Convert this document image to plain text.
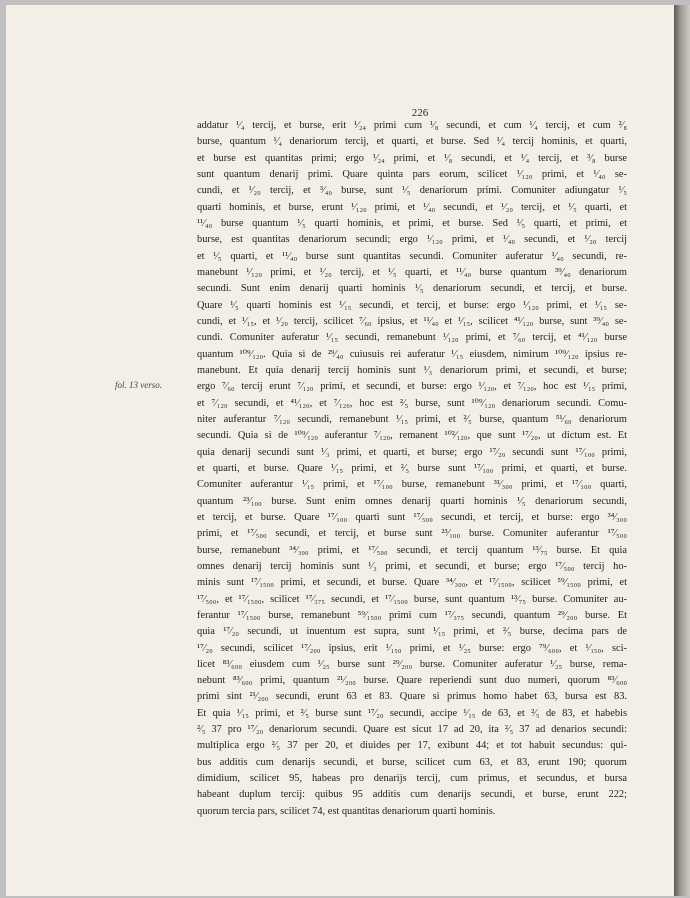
226
fol. 13 verso.
addatur ¹⁄₄ tercij, et burse, erit ¹⁄₂₄ primi cum ¹⁄₈ secundi, et cum ¹⁄₄ tercij, et cum ²⁄₈
burse, quantum ¹⁄₄ denariorum tercij, et quarti, et burse. Sed ¹⁄₄ tercij hominis, et quarti,
et burse est quantitas primi; ergo ¹⁄₂₄ primi, et ¹⁄₈ secundi, et ¹⁄₄ tercij, et ³⁄₈ burse
sunt quantum denarij primi. Quare quinta pars eorum, scilicet ¹⁄₁₂₀ primi, et ¹⁄₄₀ se-
cundi, et ¹⁄₂₀ tercij, et ³⁄₄₀ burse, sunt ¹⁄₅ denariorum primi. Comuniter adiungatur ¹⁄₅
quarti hominis, et burse, erunt ¹⁄₁₂₀ primi, et ¹⁄₄₀ secundi, et ¹⁄₂₀ tercij, et ¹⁄₅ quarti, et
¹¹⁄₄₀ burse quantum ¹⁄₅ quarti hominis, et primi, et burse. Sed ¹⁄₅ quarti, et primi, et
burse, est quantitas denariorum secundi; ergo ¹⁄₁₂₀ primi, et ¹⁄₄₀ secundi, et ¹⁄₂₀ tercij
et ¹⁄₅ quarti, et ¹¹⁄₄₀ burse sunt quantitas secundi. Comuniter auferatur ¹⁄₄₀ secundi, re-
manebunt ¹⁄₁₂₀ primi, et ¹⁄₂₀ tercij, et ¹⁄₅ quarti, et ¹¹⁄₄₀ burse quantum ³⁹⁄₄₀ denariorum
secundi. Sunt enim denarij quarti hominis ¹⁄₅ denariorum secundi, et tercij, et burse.
Quare ¹⁄₅ quarti hominis est ¹⁄₁₅ secundi, et tercij, et burse: ergo ¹⁄₁₂₀ primi, et ¹⁄₁₅ se-
cundi, et ¹⁄₁₅, et ¹⁄₂₀ tercij, scilicet ⁷⁄₆₀ ipsius, et ¹¹⁄₄₀ et ¹⁄₁₅, scilicet ⁴¹⁄₁₂₀ burse, sunt ³⁹⁄₄₀ se-
cundi. Comuniter auferatur ¹⁄₁₅ secundi, remanebunt ¹⁄₁₂₀ primi, et ⁷⁄₆₀ tercij, et ⁴¹⁄₁₂₀ burse
quantum ¹⁰⁹⁄₁₂₀. Quia si de ²⁹⁄₄₀ cuiusuis rei auferatur ¹⁄₁₅ eiusdem, nimirum ¹⁰⁹⁄₁₂₀ ipsius re-
manebunt. Et quia denarij tercij hominis sunt ¹⁄₃ denariorum primi, et secundi, et burse;
ergo ⁷⁄₆₀ tercij erunt ⁷⁄₁₂₀ primi, et secundi, et burse: ergo ¹⁄₁₂₀, et ⁷⁄₁₂₀, hoc est ¹⁄₁₅ primi,
et ⁷⁄₁₂₀ secundi, et ⁴¹⁄₁₂₀, et ⁷⁄₁₂₀, hoc est ²⁄₅ burse, sunt ¹⁰⁹⁄₁₂₀ denariorum secundi. Comu-
niter auferantur ⁷⁄₁₂₀ secundi, remanebunt ¹⁄₁₅ primi, et ²⁄₅ burse, quantum ⁵¹⁄₆₀ denariorum
secundi. Quia si de ¹⁰⁹⁄₁₂₀ auferantur ⁷⁄₁₂₀, remanent ¹⁰²⁄₁₂₀, que sunt ¹⁷⁄₂₀, ut dictum est. Et
quia denarij secundi sunt ¹⁄₃ primi, et quarti, et burse; ergo ¹⁷⁄₂₀ secundi sunt ¹⁷⁄₁₀₀ primi,
et quarti, et burse. Quare ¹⁄₁₅ primi, et ²⁄₅ burse sunt ¹⁷⁄₁₀₀ primi, et quarti, et burse.
Comuniter auferantur ¹⁄₁₅ primi, et ¹⁷⁄₁₀₀ burse, remanebunt ³¹⁄₃₀₀ primi, et ¹⁷⁄₁₀₀ quarti,
quantum ²³⁄₁₀₀ burse. Sunt enim omnes denarij quarti hominis ¹⁄₅ denariorum secundi,
et tercij, et burse. Quare ¹⁷⁄₁₀₀ quarti sunt ¹⁷⁄₅₀₀ secundi, et tercij, et burse: ergo ³⁴⁄₃₀₀
primi, et ¹⁷⁄₅₀₀ secundi, et tercij, et burse sunt ²³⁄₁₀₀ burse. Comuniter auferantur ¹⁷⁄₅₀₀
burse, remanebunt ³⁴⁄₃₀₀ primi, et ¹⁷⁄₅₀₀ secundi, et tercij quantum ¹³⁄₇₅ burse. Et quia
omnes denarij tercij hominis sunt ¹⁄₃ primi, et secundi, et burse; ergo ¹⁷⁄₅₀₀ tercij ho-
minis sunt ¹⁷⁄₁₅₀₀ primi, et secundi, et burse. Quare ³⁴⁄₃₀₀, et ¹⁷⁄₁₅₀₀, scilicet ⁵⁹⁄₁₅₀₀ primi, et
¹⁷⁄₅₀₀, et ¹⁷⁄₁₅₀₀, scilicet ¹⁷⁄₃₇₅ secundi, et ¹⁷⁄₁₅₀₀ burse, sunt quantum ¹³⁄₇₅ burse. Comuniter au-
ferantur ¹⁷⁄₁₅₀₀ burse, remanebunt ⁵⁹⁄₁₅₀₀ primi cum ¹⁷⁄₃₇₅ secundi, quantum ²⁹⁄₂₀₀ burse. Et
quia ¹⁷⁄₂₀ secundi, ut inuentum est supra, sunt ¹⁄₁₅ primi, et ²⁄₅ burse, decima pars de
¹⁷⁄₂₀ secundi, scilicet ¹⁷⁄₂₀₀ ipsius, erit ¹⁄₁₅₀ primi, et ¹⁄₂₅ burse: ergo ⁷⁹⁄₆₀₀, et ¹⁄₁₅₀, sci-
licet ⁸³⁄₆₀₀ eiusdem cum ¹⁄₂₅ burse sunt ²⁹⁄₂₀₀ burse. Comuniter auferatur ¹⁄₂₅ burse, rema-
nebunt ⁸³⁄₆₀₀ primi, quantum ²¹⁄₂₀₀ burse. Quare reperiendi sunt duo numeri, quorum ⁸³⁄₆₀₀
primi sint ²¹⁄₂₀₀ secundi, erunt 63 et 83. Quare si primus homo habet 63, bursa est 83.
Et quia ¹⁄₁₅ primi, et ²⁄₅ burse sunt ¹⁷⁄₂₀ secundi, accipe ¹⁄₁₅ de 63, et ²⁄₅ de 83, et habebis
²⁄₅ 37 pro ¹⁷⁄₂₀ denariorum secundi. Quare est sicut 17 ad 20, ita ²⁄₅ 37 ad denarios secundi:
multiplica ergo ²⁄₅ 37 per 20, et diuides per 17, exibunt 44; et tot habuit secundus: qui-
bus additis cum denarijs secundi, et burse, scilicet cum 63, et 83, erunt 190; quorum
dimidium, scilicet 95, habeas pro denarijs tercij, cum primus, et secundus, et bursa
habeant duplum tercij: quibus 95 additis cum denarijs secundi, et burse, erunt 222;
quorum tercia pars, scilicet 74, est quantitas denariorum quarti hominis.
